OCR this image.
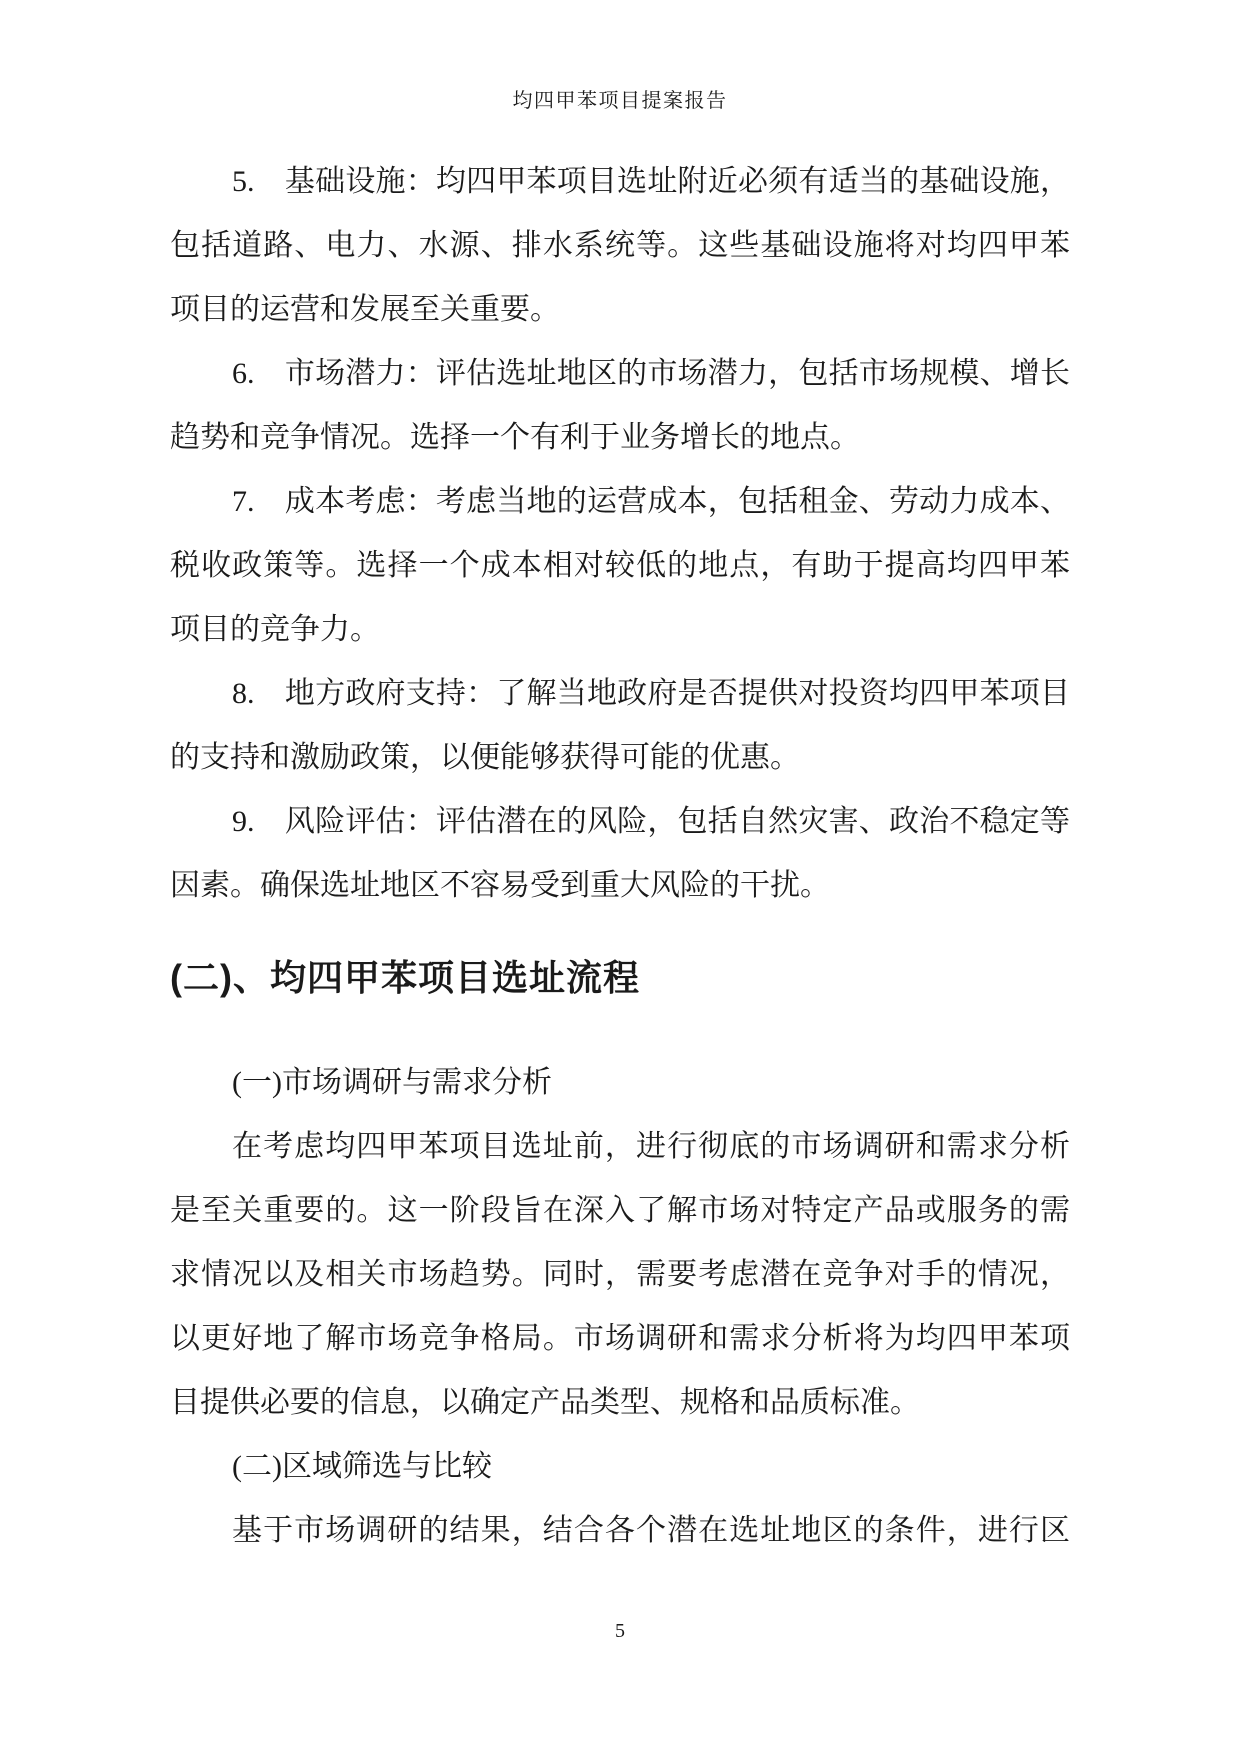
均四甲苯项目提案报告
5.　基础设施：均四甲苯项目选址附近必须有适当的基础设施，
包括道路、电力、水源、排水系统等。这些基础设施将对均四甲苯
项目的运营和发展至关重要。
6.　市场潜力：评估选址地区的市场潜力，包括市场规模、增长
趋势和竞争情况。选择一个有利于业务增长的地点。
7.　成本考虑：考虑当地的运营成本，包括租金、劳动力成本、
税收政策等。选择一个成本相对较低的地点，有助于提高均四甲苯
项目的竞争力。
8.　地方政府支持：了解当地政府是否提供对投资均四甲苯项目
的支持和激励政策，以便能够获得可能的优惠。
9.　风险评估：评估潜在的风险，包括自然灾害、政治不稳定等
因素。确保选址地区不容易受到重大风险的干扰。
(二)、均四甲苯项目选址流程
(一)市场调研与需求分析
在考虑均四甲苯项目选址前，进行彻底的市场调研和需求分析
是至关重要的。这一阶段旨在深入了解市场对特定产品或服务的需
求情况以及相关市场趋势。同时，需要考虑潜在竞争对手的情况，
以更好地了解市场竞争格局。市场调研和需求分析将为均四甲苯项
目提供必要的信息，以确定产品类型、规格和品质标准。
(二)区域筛选与比较
基于市场调研的结果，结合各个潜在选址地区的条件，进行区
5
